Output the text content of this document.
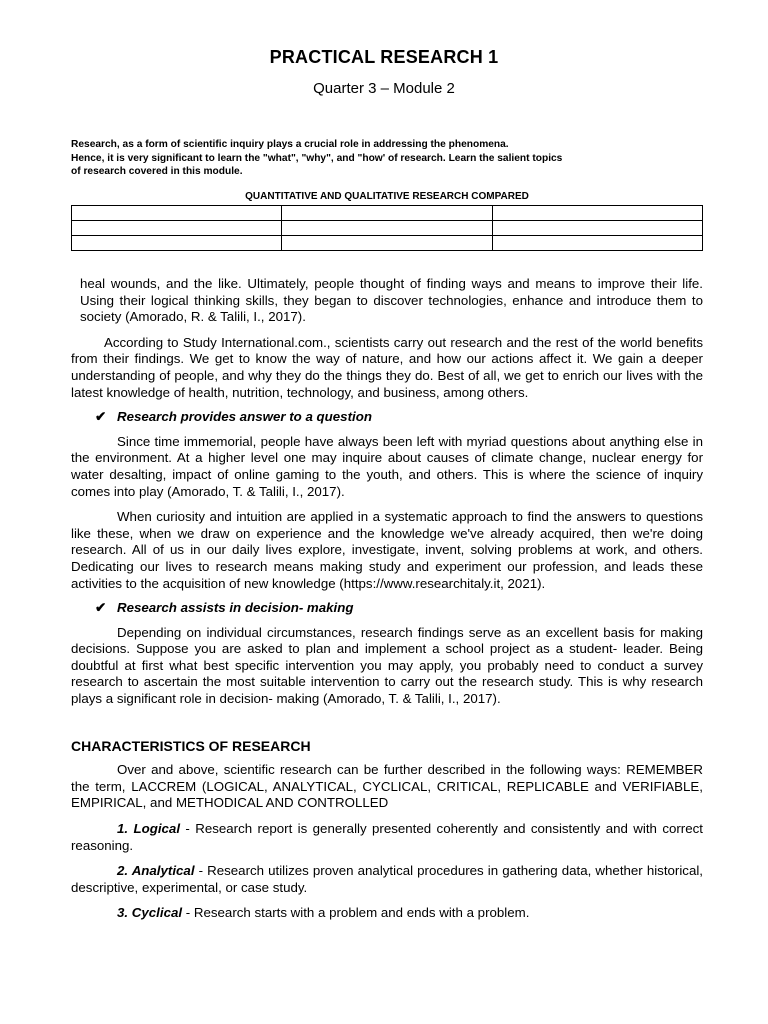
PRACTICAL RESEARCH 1
Quarter 3 – Module 2
Research, as a form of scientific inquiry plays a crucial role in addressing the phenomena.
Hence, it is very significant to learn the "what", "why", and "how' of research. Learn the salient topics
of research covered in this module.
QUANTITATIVE AND QUALITATIVE RESEARCH COMPARED

heal wounds, and the like. Ultimately, people thought of finding ways and means to improve their life. Using their logical thinking skills, they began to discover technologies, enhance and introduce them to society (Amorado, R. & Talili, I., 2017).

According to Study International.com., scientists carry out research and the rest of the world benefits from their findings. We get to know the way of nature, and how our actions affect it. We gain a deeper understanding of people, and why they do the things they do. Best of all, we get to enrich our lives with the latest knowledge of health, nutrition, technology, and business, among others.

✔ Research provides answer to a question

Since time immemorial, people have always been left with myriad questions about anything else in the environment. At a higher level one may inquire about causes of climate change, nuclear energy for water desalting, impact of online gaming to the youth, and others. This is where the science of inquiry comes into play (Amorado, T. & Talili, I., 2017).

When curiosity and intuition are applied in a systematic approach to find the answers to questions like these, when we draw on experience and the knowledge we've already acquired, then we're doing research. All of us in our daily lives explore, investigate, invent, solving problems at work, and others. Dedicating our lives to research means making study and experiment our profession, and leads these activities to the acquisition of new knowledge (https://www.researchitaly.it, 2021).

✔ Research assists in decision- making

Depending on individual circumstances, research findings serve as an excellent basis for making decisions. Suppose you are asked to plan and implement a school project as a student- leader. Being doubtful at first what best specific intervention you may apply, you probably need to conduct a survey research to ascertain the most suitable intervention to carry out the research study. This is why research plays a significant role in decision- making (Amorado, T. & Talili, I., 2017).

CHARACTERISTICS OF RESEARCH

Over and above, scientific research can be further described in the following ways: REMEMBER the term, LACCREM (LOGICAL, ANALYTICAL, CYCLICAL, CRITICAL, REPLICABLE and VERIFIABLE, EMPIRICAL, and METHODICAL AND CONTROLLED

1. Logical - Research report is generally presented coherently and consistently and with correct reasoning.

2. Analytical - Research utilizes proven analytical procedures in gathering data, whether historical, descriptive, experimental, or case study.

3. Cyclical - Research starts with a problem and ends with a problem.
